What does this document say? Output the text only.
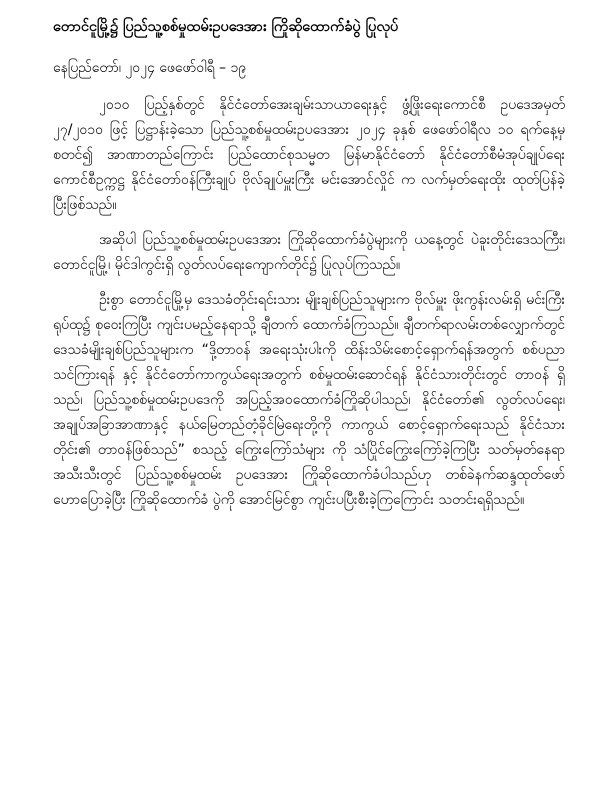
တောင်ငူမြို့၌ ပြည်သူ့စစ်မှုထမ်းဥပဒေအား ကြိုဆိုထောက်ခံပွဲ ပြုလုပ်
နေပြည်တော်၊ ၂၀၂၄ ဖေဖော်ဝါရီ – ၁၉

၂၀၁၀ ပြည့်နှစ်တွင် နိုင်ငံတော်အေးချမ်းသာယာရေးနှင့် ဖွံ့ဖြိုးရေးကောင်စီ ဥပဒေအမှတ် ၂၇/၂၀၁၀ ဖြင့် ပြဋ္ဌာန်းခဲ့သော ပြည်သူ့စစ်မှုထမ်းဥပဒေအား ၂၀၂၄ ခုနှစ် ဖေဖော်ဝါရီလ ၁၀ ရက်နေ့မှ စတင်၍ အာဏာတည်ကြောင်း ပြည်ထောင်စုသမ္မတ မြန်မာနိုင်ငံတော် နိုင်ငံတော်စီမံအုပ်ချုပ်ရေးကောင်စီဥက္ကဋ္ဌ နိုင်ငံတော်ဝန်ကြီးချုပ် ဗိုလ်ချုပ်မှူးကြီး မင်းအောင်လှိုင် က လက်မှတ်ရေးထိုး ထုတ်ပြန်ခဲ့ပြီးဖြစ်သည်။

အဆိုပါ ပြည်သူ့စစ်မှုထမ်းဥပဒေအား ကြိုဆိုထောက်ခံပွဲများကို ယနေ့တွင် ပဲခူးတိုင်းဒေသကြီး၊ တောင်ငူမြို့၊ မိုင်ဒါကွင်းရှိ လွတ်လပ်ရေးကျောက်တိုင်၌ ပြုလုပ်ကြသည်။

ဦးစွာ တောင်ငူမြို့မှ ဒေသခံတိုင်းရင်းသား မျိုးချစ်ပြည်သူများက ဗိုလ်မှူး ဖိုးကွန်းလမ်းရှိ မင်းကြီးရုပ်ထု၌ စုဝေးကြပြီး ကျင်းပမည့်နေရာသို့ ချီတက် ထောက်ခံကြသည်။ ချီတက်ရာလမ်းတစ်လျှောက်တွင် ဒေသခံမျိုးချစ်ပြည်သူများက “ဒို့တာဝန် အရေးသုံးပါးကို ထိန်းသိမ်းစောင့်ရှောက်ရန်အတွက် စစ်ပညာသင်ကြားရန် နှင့် နိုင်ငံတော်ကာကွယ်ရေးအတွက် စစ်မှုထမ်းဆောင်ရန် နိုင်ငံသားတိုင်းတွင် တာဝန် ရှိသည်၊ ပြည်သူ့စစ်မှုထမ်းဥပဒေကို အပြည့်အဝထောက်ခံကြိုဆိုပါသည်၊ နိုင်ငံတော်၏ လွတ်လပ်ရေး၊ အချုပ်အခြာအာဏာနှင့် နယ်မြေတည်တံ့ခိုင်မြဲရေးတို့ကို ကာကွယ် စောင့်ရှောက်ရေးသည် နိုင်ငံသားတိုင်း၏ တာဝန်ဖြစ်သည်” စသည့် ကြွေးကြော်သံများ ကို သံပြိုင်ကြွေးကြော်ခဲ့ကြပြီး သတ်မှတ်နေရာအသီးသီးတွင် ပြည်သူ့စစ်မှုထမ်း ဥပဒေအား ကြိုဆိုထောက်ခံပါသည်ဟု တစ်ခဲနက်ဆန္ဒထုတ်ဖော်ဟောပြောခဲ့ပြီး ကြိုဆိုထောက်ခံ ပွဲကို အောင်မြင်စွာ ကျင်းပပြီးစီးခဲ့ကြကြောင်း သတင်းရရှိသည်။
